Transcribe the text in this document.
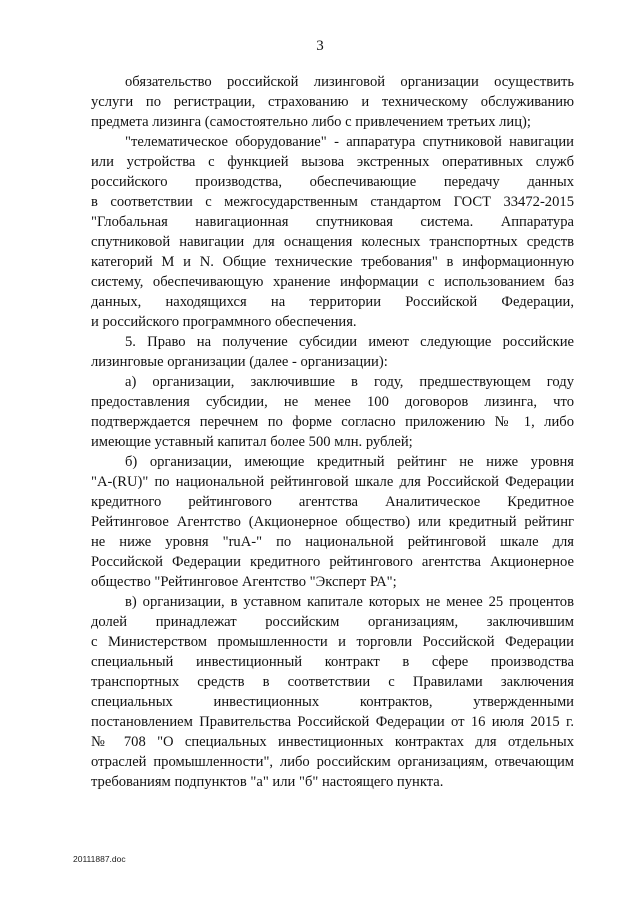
3
обязательство российской лизинговой организации осуществить
услуги по регистрации, страхованию и техническому обслуживанию
предмета лизинга (самостоятельно либо с привлечением третьих лиц);
"телематическое оборудование" - аппаратура спутниковой навигации
или устройства с функцией вызова экстренных оперативных служб
российского производства, обеспечивающие передачу данных
в соответствии с межгосударственным стандартом ГОСТ 33472-2015
"Глобальная навигационная спутниковая система. Аппаратура
спутниковой навигации для оснащения колесных транспортных средств
категорий M и N. Общие технические требования" в информационную
систему, обеспечивающую хранение информации с использованием баз
данных, находящихся на территории Российской Федерации,
и российского программного обеспечения.
5. Право на получение субсидии имеют следующие российские
лизинговые организации (далее - организации):
а) организации, заключившие в году, предшествующем году
предоставления субсидии, не менее 100 договоров лизинга, что
подтверждается перечнем по форме согласно приложению № 1, либо
имеющие уставный капитал более 500 млн. рублей;
б) организации, имеющие кредитный рейтинг не ниже уровня
"A-(RU)" по национальной рейтинговой шкале для Российской Федерации
кредитного рейтингового агентства Аналитическое Кредитное
Рейтинговое Агентство (Акционерное общество) или кредитный рейтинг
не ниже уровня "ruA-" по национальной рейтинговой шкале для
Российской Федерации кредитного рейтингового агентства Акционерное
общество "Рейтинговое Агентство "Эксперт РА";
в) организации, в уставном капитале которых не менее 25 процентов
долей принадлежат российским организациям, заключившим
с Министерством промышленности и торговли Российской Федерации
специальный инвестиционный контракт в сфере производства
транспортных средств в соответствии с Правилами заключения
специальных инвестиционных контрактов, утвержденными
постановлением Правительства Российской Федерации от 16 июля 2015 г.
№ 708 "О специальных инвестиционных контрактах для отдельных
отраслей промышленности", либо российским организациям, отвечающим
требованиям подпунктов "а" или "б" настоящего пункта.
20111887.doc
